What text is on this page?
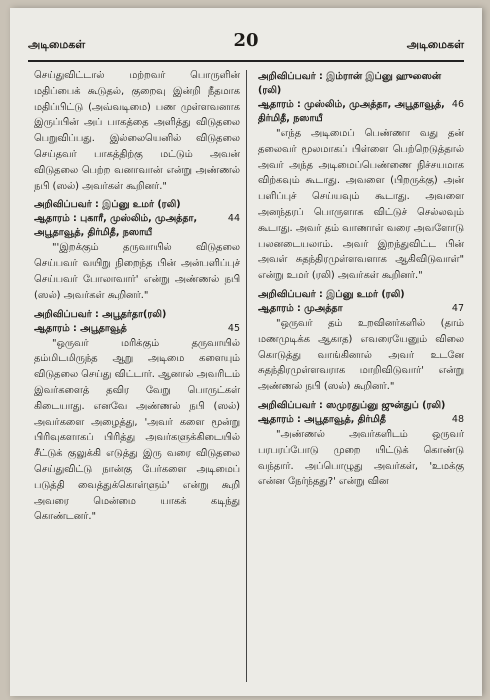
அடிமைகள்	20	அடிமைகள்

செய்துவிட்டால் மற்றவர் பொருளின் மதிப்பைக் கூடுதல், குறைவு இன்றி நீதமாக மதிப்பிட்டு (அவ்வடிமை) பண முள்ளவனாக இருப்பின் அப் பாகத்தை அளித்து விடுதலை பெறுவிப்பது. இல்லையெனில் விடுதலை செய்தவர் பாகத்திற்கு மட்டும் அவன் விடுதலை பெற்ற வனாவான் என்று அண்ணல் நபி (ஸல்) அவர்கள் கூறினர்."

அறிவிப்பவர் : இப்னு உமர் (ரலி)
44
ஆதாரம் : புகாரீ, முஸ்லிம், முஅத்தா, அபூதாவூத், திர்மிதீ, நஸாயீ

"'இறக்கும் தருவாயில் விடுதலை செய்பவர் வயிறு நிறைந்த பின் அன்பளிப்புச் செய்பவர் போலாவார்' என்று அண்ணல் நபி (ஸல்) அவர்கள் கூறினர்."

அறிவிப்பவர் : அபூதர்தா(ரலி)
45
ஆதாரம் : அபூதாவூத்

"ஒருவர் மரிக்கும் தருவாயில் தம்மிடமிருந்த ஆறு அடிமை களையும் விடுதலை செய்து விட்டார். ஆனால் அவரிடம் இவர்களைத் தவிர வேறு பொருட்கள் கிடையாது. எனவே அண்ணல் நபி (ஸல்) அவர்களை அழைத்து, 'அவர் களை மூன்று பிரிவுகளாகப் பிரித்து அவர்களுக்கிடையில் சீட்டுக் குலுக்கி எடுத்து இரு வரை விடுதலை செய்துவிட்டு நான்கு பேர்களை அடிமைப் படுத்தி வைத்துக்கொள்ளும்' என்று கூறி அவரை மென்மை யாகக் கடிந்து கொண்டனர்."

அறிவிப்பவர் : இம்ரான் இப்னு ஹுஸைன் (ரலி)
46
ஆதாரம் : முஸ்லிம், முஅத்தா, அபூதாவூத், திர்மிதீ, நஸாயீ

"எந்த அடிமைப் பெண்ணா வது தன் தலைவர் மூலமாகப் பிள்ளை பெற்றெடுத்தால் அவர் அந்த அடிமைப்பெண்ணை நிச்சயமாக விற்கவும் கூடாது. அவளை (பிறருக்கு) அன் பளிப்புச் செய்யவும் கூடாது. அவளை அனந்தரப் பொருளாக விட்டுச் செல்லவும் கூடாது. அவர் தம் வாணாள் வரை அவளோடு பலனடையலாம். அவர் இறந்துவிட்ட பின் அவள் சுதந்திரமுள்ளவளாக ஆகிவிடுவாள்" என்று உமர் (ரலி) அவர்கள் கூறினர்."

அறிவிப்பவர் : இப்னு உமர் (ரலி)
47
ஆதாரம் : முஅத்தா

"ஒருவர் தம் உறவினர்களில் (தாம் மணமுடிக்க ஆகாத) எவரையேனும் விலை கொடுத்து வாங்கினால் அவர் உடனே சுதந்திரமுள்ளவராக மாறிவிடுவார்' என்று அண்ணல் நபி (ஸல்) கூறினர்."

அறிவிப்பவர் : ஸமுரதுப்னு ஜுன்துப் (ரலி)
48
ஆதாரம் : அபூதாவூத், திர்மிதீ

"அண்ணல் அவர்களிடம் ஒருவர் பரபரப்போடு முறை யிட்டுக் கொண்டு வந்தார். அப்பொழுது அவர்கள், 'உமக்கு என்ன நேர்ந்தது?' என்று வின
